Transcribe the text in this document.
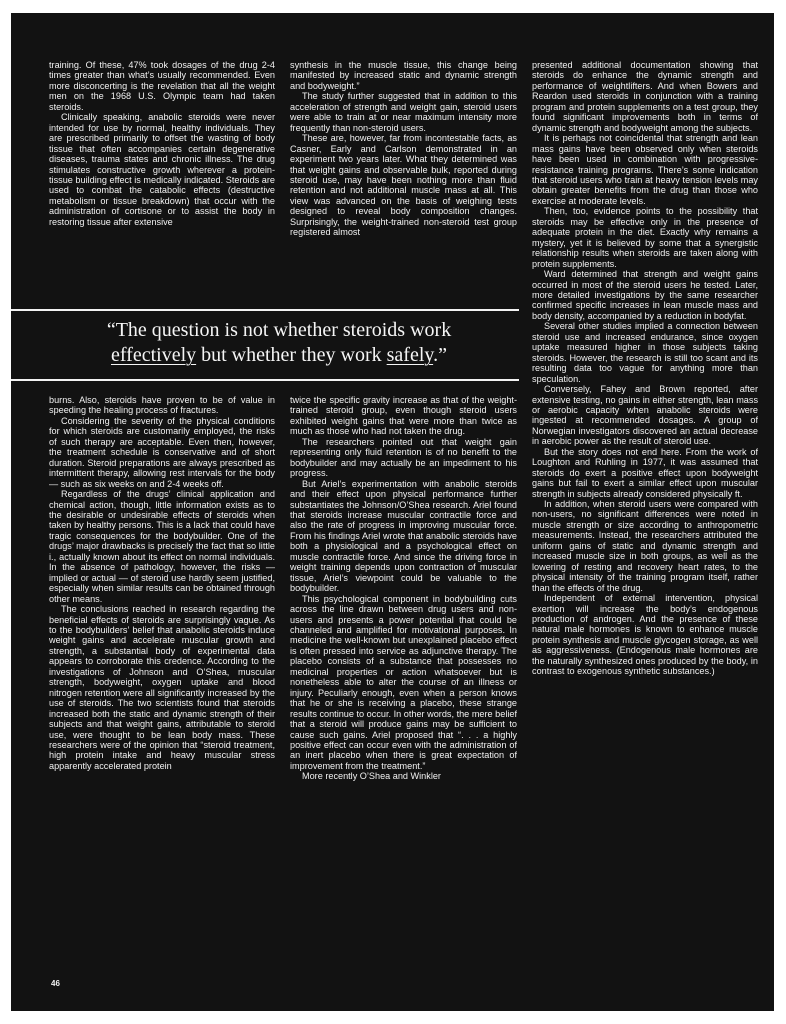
training. Of these, 47% took dosages of the drug 2-4 times greater than what’s usually recommended. Even more disconcerting is the revelation that all the weight men on the 1968 U.S. Olympic team had taken steroids.

Clinically speaking, anabolic steroids were never intended for use by normal, healthy individuals. They are prescribed primarily to offset the wasting of body tissue that often accompanies certain degenerative diseases, trauma states and chronic illness. The drug stimulates constructive growth wherever a protein-tissue building effect is medically indicated. Steroids are used to combat the catabolic effects (destructive metabolism or tissue breakdown) that occur with the administration of cortisone or to assist the body in restoring tissue after extensive

synthesis in the muscle tissue, this change being manifested by increased static and dynamic strength and bodyweight.”

The study further suggested that in addition to this acceleration of strength and weight gain, steroid users were able to train at or near maximum intensity more frequently than non-steroid users.

These are, however, far from incontestable facts, as Casner, Early and Carlson demonstrated in an experiment two years later. What they determined was that weight gains and observable bulk, reported during steroid use, may have been nothing more than fluid retention and not additional muscle mass at all. This view was advanced on the basis of weighing tests designed to reveal body composition changes. Surprisingly, the weight-trained non-steroid test group registered almost

“The question is not whether steroids work
effectively but whether they work safely.”

burns. Also, steroids have proven to be of value in speeding the healing process of fractures.

Considering the severity of the physical conditions for which steroids are customarily employed, the risks of such therapy are acceptable. Even then, however, the treatment schedule is conservative and of short duration. Steroid preparations are always prescribed as intermittent therapy, allowing rest intervals for the body — such as six weeks on and 2-4 weeks off.

Regardless of the drugs’ clinical application and chemical action, though, little information exists as to the desirable or undesirable effects of steroids when taken by healthy persons. This is a lack that could have tragic consequences for the bodybuilder. One of the drugs’ major drawbacks is precisely the fact that so little i., actually known about its effect on normal individuals. In the absence of pathology, however, the risks — implied or actual — of steroid use hardly seem justified, especially when similar results can be obtained through other means.

The conclusions reached in research regarding the beneficial effects of steroids are surprisingly vague. As to the bodybuilders’ belief that anabolic steroids induce weight gains and accelerate muscular growth and strength, a substantial body of experimental data appears to corroborate this credence. According to the investigations of Johnson and O’Shea, muscular strength, bodyweight, oxygen uptake and blood nitrogen retention were all significantly increased by the use of steroids. The two scientists found that steroids increased both the static and dynamic strength of their subjects and that weight gains, attributable to steroid use, were thought to be lean body mass. These researchers were of the opinion that “steroid treatment, high protein intake and heavy muscular stress apparently accelerated protein

twice the specific gravity increase as that of the weight-trained steroid group, even though steroid users exhibited weight gains that were more than twice as much as those who had not taken the drug.

The researchers pointed out that weight gain representing only fluid retention is of no benefit to the bodybuilder and may actually be an impediment to his progress.

But Ariel’s experimentation with anabolic steroids and their effect upon physical performance further substantiates the Johnson/O’Shea research. Ariel found that steroids increase muscular contractile force and also the rate of progress in improving muscular force. From his findings Ariel wrote that anabolic steroids have both a physiological and a psychological effect on muscle contractile force. And since the driving force in weight training depends upon contraction of muscular tissue, Ariel’s viewpoint could be valuable to the bodybuilder.

This psychological component in bodybuilding cuts across the line drawn between drug users and non-users and presents a power potential that could be channeled and amplified for motivational purposes. In medicine the well-known but unexplained placebo effect is often pressed into service as adjunctive therapy. The placebo consists of a substance that possesses no medicinal properties or action whatsoever but is nonetheless able to alter the course of an illness or injury. Peculiarly enough, even when a person knows that he or she is receiving a placebo, these strange results continue to occur. In other words, the mere belief that a steroid will produce gains may be sufficient to cause such gains. Ariel proposed that “. . . a highly positive effect can occur even with the administration of an inert placebo when there is great expectation of improvement from the treatment.”

More recently O’Shea and Winkler

presented additional documentation showing that steroids do enhance the dynamic strength and performance of weightlifters. And when Bowers and Reardon used steroids in conjunction with a training program and protein supplements on a test group, they found significant improvements both in terms of dynamic strength and bodyweight among the subjects.

It is perhaps not coincidental that strength and lean mass gains have been observed only when steroids have been used in combination with progressive-resistance training programs. There’s some indication that steroid users who train at heavy tension levels may obtain greater benefits from the drug than those who exercise at moderate levels.

Then, too, evidence points to the possibility that steroids may be effective only in the presence of adequate protein in the diet. Exactly why remains a mystery, yet it is believed by some that a synergistic relationship results when steroids are taken along with protein supplements.

Ward determined that strength and weight gains occurred in most of the steroid users he tested. Later, more detailed investigations by the same researcher confirmed specific increases in lean muscle mass and body density, accompanied by a reduction in bodyfat.

Several other studies implied a connection between steroid use and increased endurance, since oxygen uptake measured higher in those subjects taking steroids. However, the research is still too scant and its resulting data too vague for anything more than speculation.

Conversely, Fahey and Brown reported, after extensive testing, no gains in either strength, lean mass or aerobic capacity when anabolic steroids were ingested at recommended dosages. A group of Norwegian investigators discovered an actual decrease in aerobic power as the result of steroid use.

But the story does not end here. From the work of Loughton and Ruhling in 1977, it was assumed that steroids do exert a positive effect upon bodyweight gains but fail to exert a similar effect upon muscular strength in subjects already considered physically ft.

In addition, when steroid users were compared with non-users, no significant differences were noted in muscle strength or size according to anthropometric measurements. Instead, the researchers attributed the uniform gains of static and dynamic strength and increased muscle size in both groups, as well as the lowering of resting and recovery heart rates, to the physical intensity of the training program itself, rather than the effects of the drug.

Independent of external intervention, physical exertion will increase the body’s endogenous production of androgen. And the presence of these natural male hormones is known to enhance muscle protein synthesis and muscle glycogen storage, as well as aggressiveness. (Endogenous male hormones are the naturally synthesized ones produced by the body, in contrast to exogenous synthetic substances.)

46
